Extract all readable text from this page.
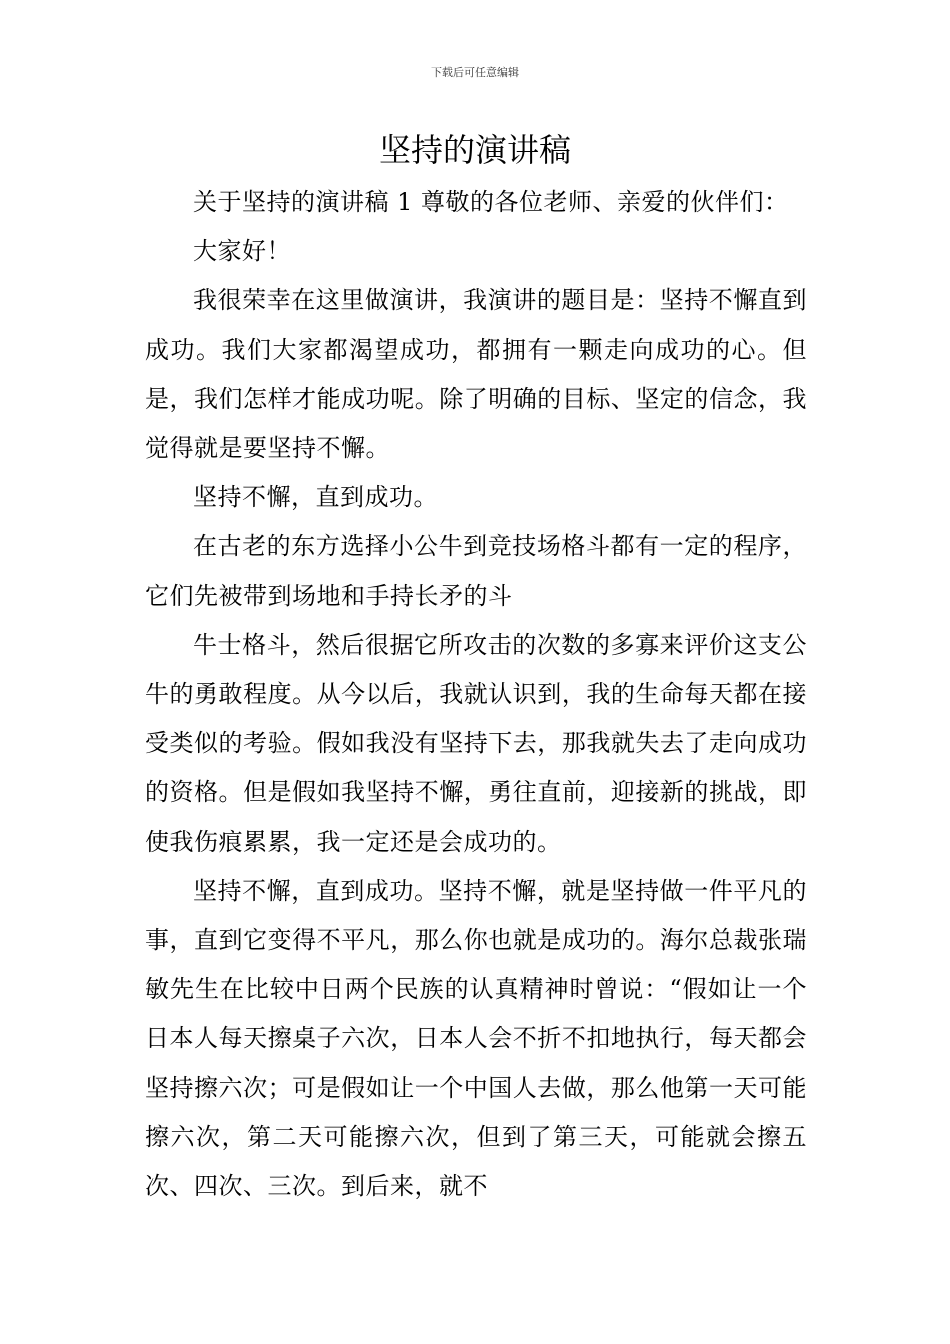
下载后可任意编辑
坚持的演讲稿

关于坚持的演讲稿 1 尊敬的各位老师、亲爱的伙伴们：

大家好！

我很荣幸在这里做演讲，我演讲的题目是：坚持不懈直到成功。我们大家都渴望成功，都拥有一颗走向成功的心。但是，我们怎样才能成功呢。除了明确的目标、坚定的信念，我觉得就是要坚持不懈。

坚持不懈，直到成功。

在古老的东方选择小公牛到竞技场格斗都有一定的程序，它们先被带到场地和手持长矛的斗

牛士格斗，然后很据它所攻击的次数的多寡来评价这支公牛的勇敢程度。从今以后，我就认识到，我的生命每天都在接受类似的考验。假如我没有坚持下去，那我就失去了走向成功的资格。但是假如我坚持不懈，勇往直前，迎接新的挑战，即使我伤痕累累，我一定还是会成功的。

坚持不懈，直到成功。坚持不懈，就是坚持做一件平凡的事，直到它变得不平凡，那么你也就是成功的。海尔总裁张瑞敏先生在比较中日两个民族的认真精神时曾说：“假如让一个日本人每天擦桌子六次，日本人会不折不扣地执行，每天都会坚持擦六次；可是假如让一个中国人去做，那么他第一天可能擦六次，第二天可能擦六次，但到了第三天，可能就会擦五次、四次、三次。到后来，就不
